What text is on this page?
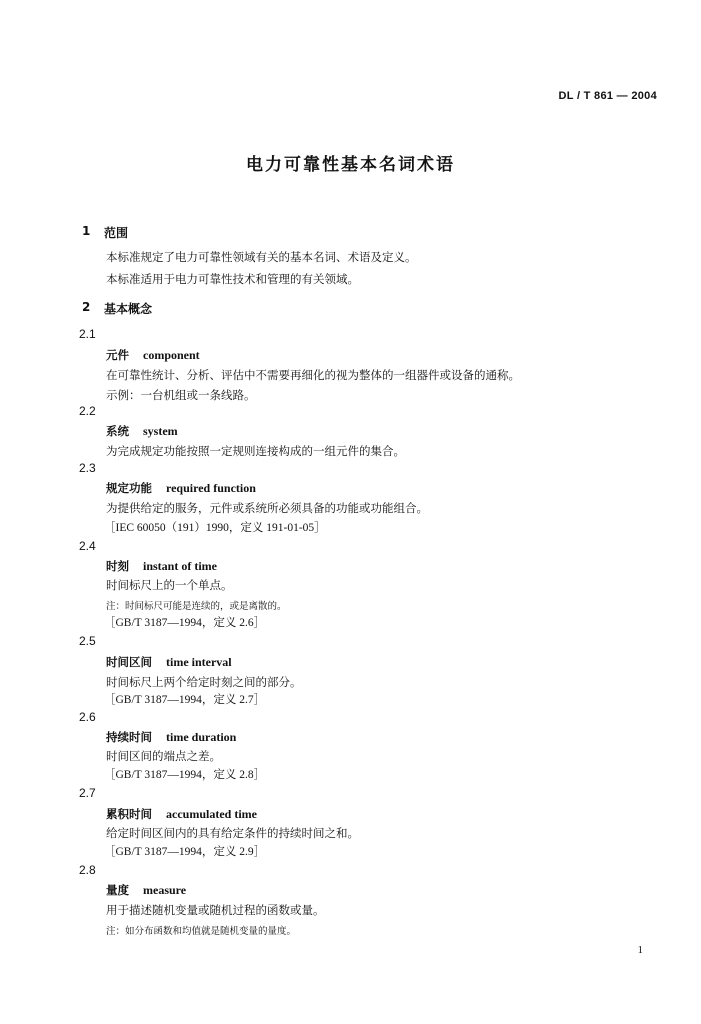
DL / T 861 — 2004
电力可靠性基本名词术语
1 范围
本标准规定了电力可靠性领域有关的基本名词、术语及定义。
本标准适用于电力可靠性技术和管理的有关领域。
2 基本概念
2.1
元件 component
在可靠性统计、分析、评估中不需要再细化的视为整体的一组器件或设备的通称。
示例：一台机组或一条线路。
2.2
系统 system
为完成规定功能按照一定规则连接构成的一组元件的集合。
2.3
规定功能 required function
为提供给定的服务，元件或系统所必须具备的功能或功能组合。
［IEC 60050（191）1990，定义 191-01-05］
2.4
时刻 instant of time
时间标尺上的一个单点。
注：时间标尺可能是连续的，或是离散的。
［GB/T 3187—1994，定义 2.6］
2.5
时间区间 time interval
时间标尺上两个给定时刻之间的部分。
［GB/T 3187—1994，定义 2.7］
2.6
持续时间 time duration
时间区间的端点之差。
［GB/T 3187—1994，定义 2.8］
2.7
累积时间 accumulated time
给定时间区间内的具有给定条件的持续时间之和。
［GB/T 3187—1994，定义 2.9］
2.8
量度 measure
用于描述随机变量或随机过程的函数或量。
注：如分布函数和均值就是随机变量的量度。
1
